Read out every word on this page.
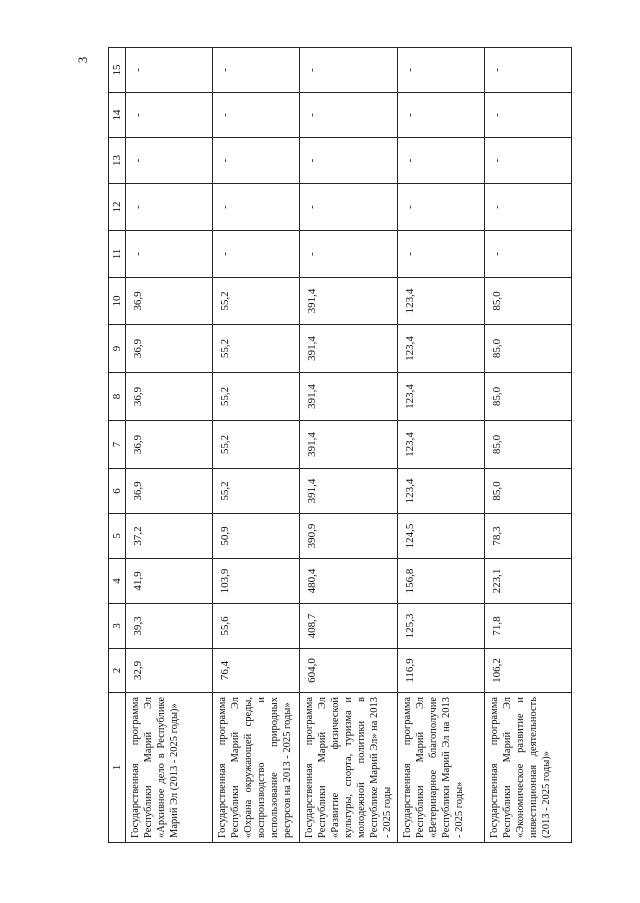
3
1	2	3	4	5	6	7	8	9	10	11	12	13	14	15
Государственная программа Республики Марий Эл «Архивное дело в Республике Марий Эл (2013 - 2025 годы)»	32,9	39,3	41,9	37,2	36,9	36,9	36,9	36,9	36,9	-	-	-	-	-
Государственная программа Республики Марий Эл «Охрана окружающей среды, воспроизводство и использование природных ресурсов на 2013 - 2025 годы»	76,4	55,6	103,9	50,9	55,2	55,2	55,2	55,2	55,2	-	-	-	-	-
Государственная программа Республики Марий Эл «Развитие физической культуры, спорта, туризма и молодежной политики в Республике Марий Эл» на 2013 - 2025 годы	604,0	408,7	480,4	390,9	391,4	391,4	391,4	391,4	391,4	-	-	-	-	-
Государственная программа Республики Марий Эл «Ветеринарное благополучие Республики Марий Эл на 2013 - 2025 годы»	116,9	125,3	156,8	124,5	123,4	123,4	123,4	123,4	123,4	-	-	-	-	-
Государственная программа Республики Марий Эл «Экономическое развитие и инвестиционная деятельность (2013 - 2025 годы)»	106,2	71,8	223,1	78,3	85,0	85,0	85,0	85,0	85,0	-	-	-	-	-
